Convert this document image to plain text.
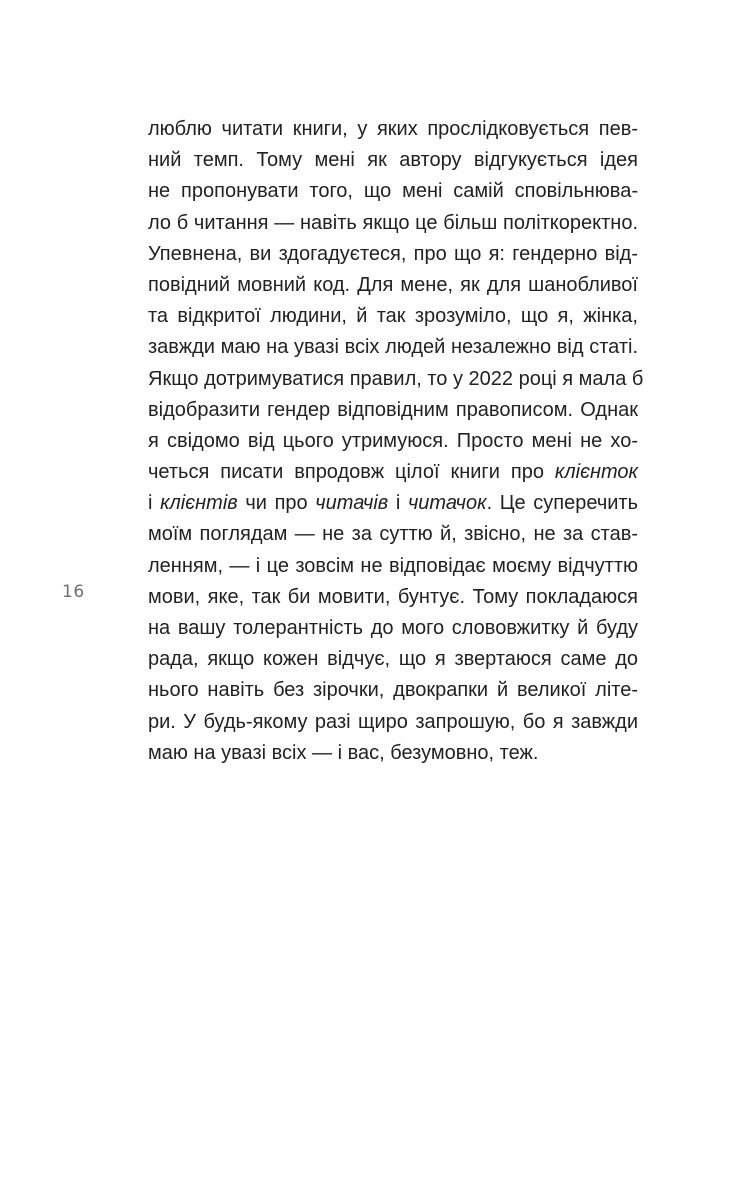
16
люблю читати книги, у яких прослідковується пев-
ний темп. Тому мені як автору відгукується ідея
не пропонувати того, що мені самій сповільнюва-
ло б читання — навіть якщо це більш політкоректно.
Упевнена, ви здогадуєтеся, про що я: гендерно від-
повідний мовний код. Для мене, як для шанобливої
та відкритої людини, й так зрозуміло, що я, жінка,
завжди маю на увазі всіх людей незалежно від статі.
Якщо дотримуватися правил, то у 2022 році я мала б
відобразити гендер відповідним правописом. Однак
я свідомо від цього утримуюся. Просто мені не хо-
четься писати впродовж цілої книги про клієнток
і клієнтів чи про читачів і читачок. Це суперечить
моїм поглядам — не за суттю й, звісно, не за став-
ленням, — і це зовсім не відповідає моєму відчуттю
мови, яке, так би мовити, бунтує. Тому покладаюся
на вашу толерантність до мого слововжитку й буду
рада, якщо кожен відчує, що я звертаюся саме до
нього навіть без зірочки, двокрапки й великої літе-
ри. У будь-якому разі щиро запрошую, бо я завжди
маю на увазі всіх — і вас, безумовно, теж.
